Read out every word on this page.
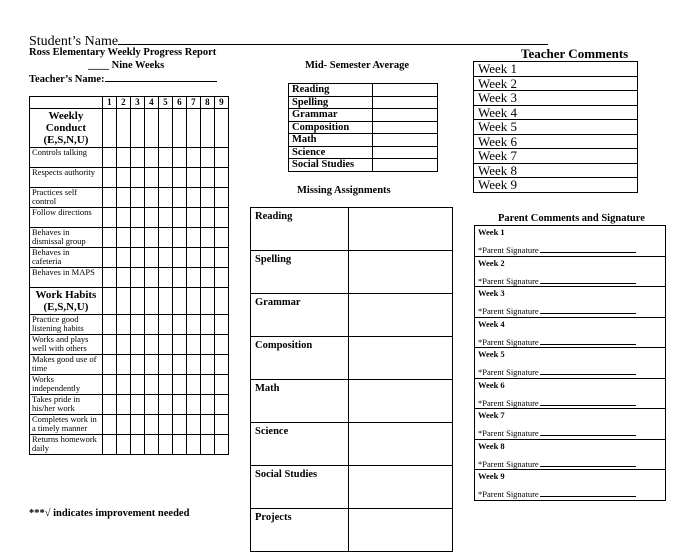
Student’s Name
Ross Elementary Weekly Progress Report
____ Nine Weeks
Teacher’s Name:
	1	2	3	4	5	6	7	8	9
Weekly Conduct (E,S,N,U)									
Controls talking									
Respects authority									
Practices self control									
Follow directions									
Behaves in dismissal group									
Behaves in cafeteria									
Behaves in MAPS									
Work Habits (E,S,N,U)									
Practice good listening habits									
Works and plays well with others									
Makes good use of time									
Works independently									
Takes pride in his/her work									
Completes work in a timely manner									
Returns homework daily									
***√ indicates improvement needed
Mid- Semester Average
Reading	
Spelling	
Grammar	
Composition	
Math	
Science	
Social Studies	
Missing Assignments
Reading	
Spelling	
Grammar	
Composition	
Math	
Science	
Social Studies	
Projects	
Teacher Comments
Week 1
Week 2
Week 3
Week 4
Week 5
Week 6
Week 7
Week 8
Week 9
Parent Comments and Signature
Week 1
*Parent Signature

Week 2
*Parent Signature

Week 3
*Parent Signature

Week 4
*Parent Signature

Week 5
*Parent Signature

Week 6
*Parent Signature

Week 7
*Parent Signature

Week 8
*Parent Signature

Week 9
*Parent Signature
